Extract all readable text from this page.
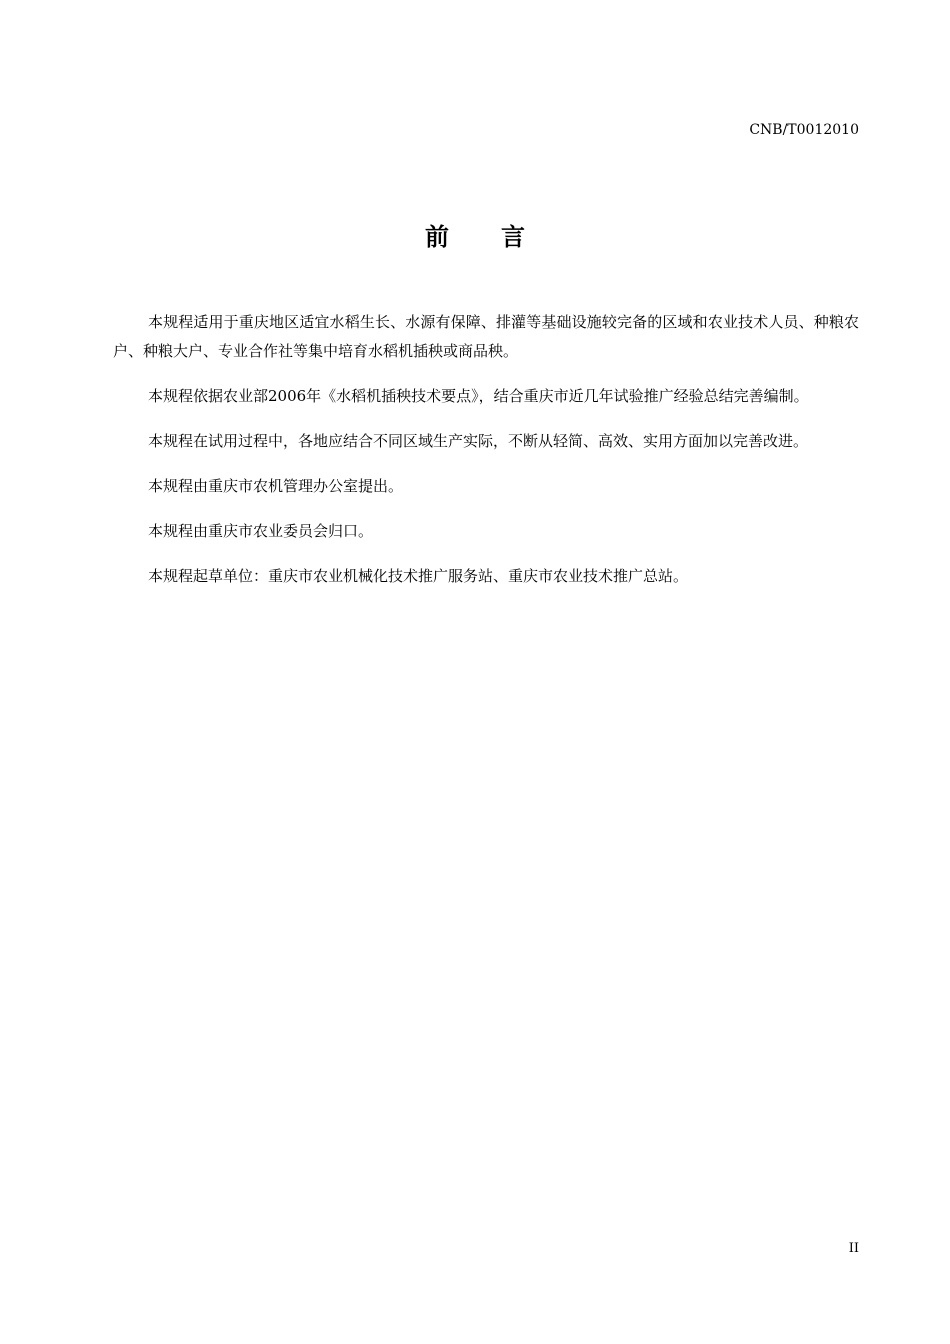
CNB/T0012010
前言

本规程适用于重庆地区适宜水稻生长、水源有保障、排灌等基础设施较完备的区域和农业技术人员、种粮农户、种粮大户、专业合作社等集中培育水稻机插秧或商品秧。

本规程依据农业部2006年《水稻机插秧技术要点》，结合重庆市近几年试验推广经验总结完善编制。

本规程在试用过程中，各地应结合不同区域生产实际，不断从轻简、高效、实用方面加以完善改进。

本规程由重庆市农机管理办公室提出。

本规程由重庆市农业委员会归口。

本规程起草单位：重庆市农业机械化技术推广服务站、重庆市农业技术推广总站。

II
